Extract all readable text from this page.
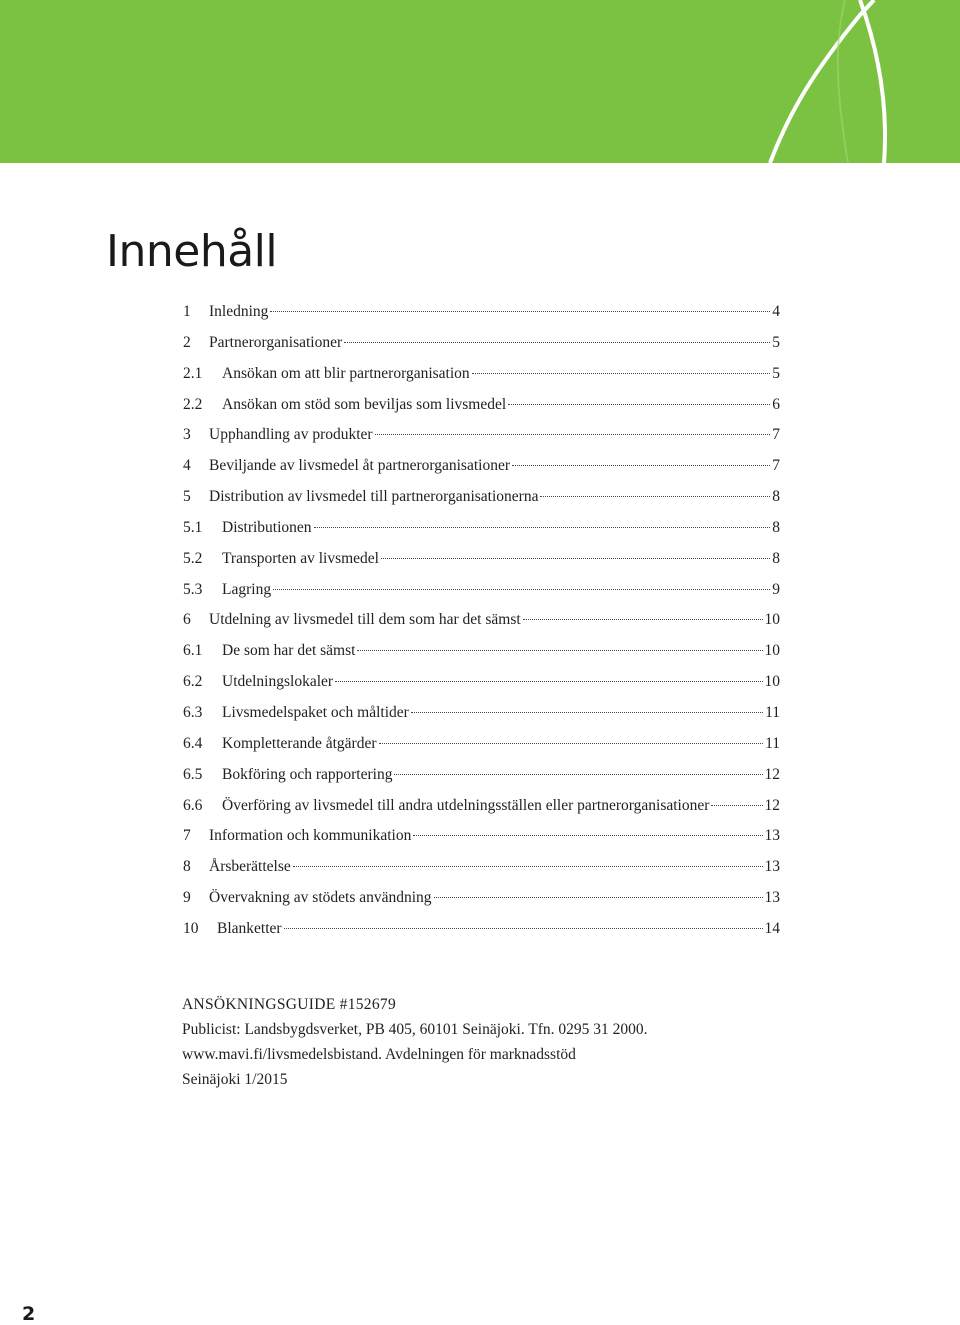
Innehåll
1	Inledning	4
2	Partnerorganisationer	5
2.1	Ansökan om att blir partnerorganisation	5
2.2	Ansökan om stöd som beviljas som livsmedel	6
3	Upphandling av produkter	7
4	Beviljande av livsmedel åt partnerorganisationer	7
5	Distribution av livsmedel till partnerorganisationerna	8
5.1	Distributionen	8
5.2	Transporten av livsmedel	8
5.3	Lagring	9
6	Utdelning av livsmedel till dem som har det sämst	10
6.1	De som har det sämst	10
6.2	Utdelningslokaler	10
6.3	Livsmedelspaket och måltider	11
6.4	Kompletterande åtgärder	11
6.5	Bokföring och rapportering	12
6.6	Överföring av livsmedel till andra utdelningsställen eller partnerorganisationer	12
7	Information och kommunikation	13
8	Årsberättelse	13
9	Övervakning av stödets användning	13
10	Blanketter	14
ANSÖKNINGSGUIDE #152679
Publicist: Landsbygdsverket, PB 405, 60101 Seinäjoki. Tfn. 0295 31 2000.
www.mavi.fi/livsmedelsbistand. Avdelningen för marknadsstöd
Seinäjoki 1/2015
2
